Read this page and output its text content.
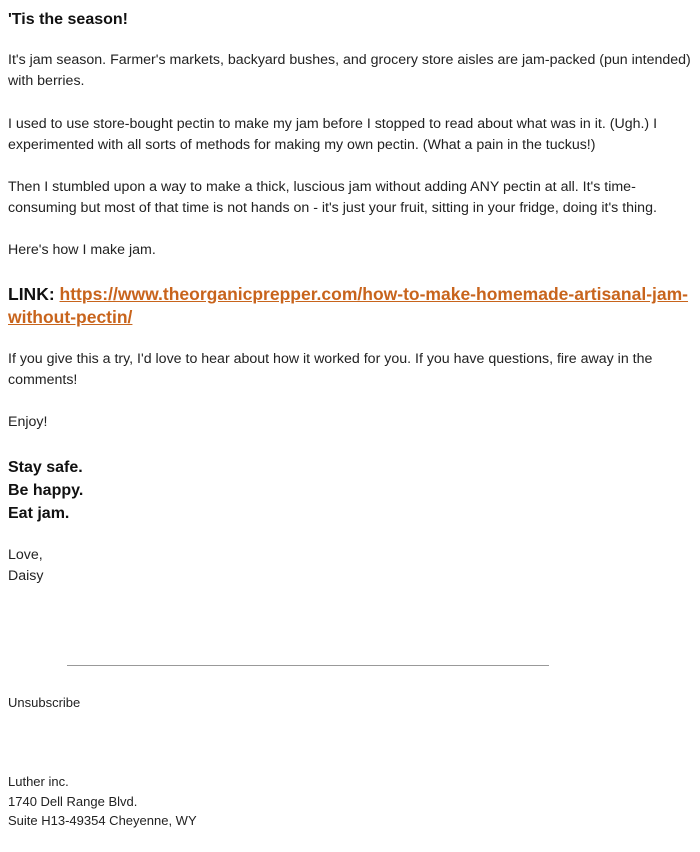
'Tis the season!

It's jam season. Farmer's markets, backyard bushes, and grocery store aisles are jam-packed (pun intended) with berries.

I used to use store-bought pectin to make my jam before I stopped to read about what was in it. (Ugh.) I experimented with all sorts of methods for making my own pectin. (What a pain in the tuckus!)

Then I stumbled upon a way to make a thick, luscious jam without adding ANY pectin at all. It's time-consuming but most of that time is not hands on - it's just your fruit, sitting in your fridge, doing it's thing.

Here's how I make jam.

LINK: https://www.theorganicprepper.com/how-to-make-homemade-artisanal-jam-without-pectin/

If you give this a try, I'd love to hear about how it worked for you. If you have questions, fire away in the comments!

Enjoy!

Stay safe.
Be happy.
Eat jam.
Love,
Daisy
Unsubscribe
Luther inc.
1740 Dell Range Blvd.
Suite H13-49354 Cheyenne, WY
